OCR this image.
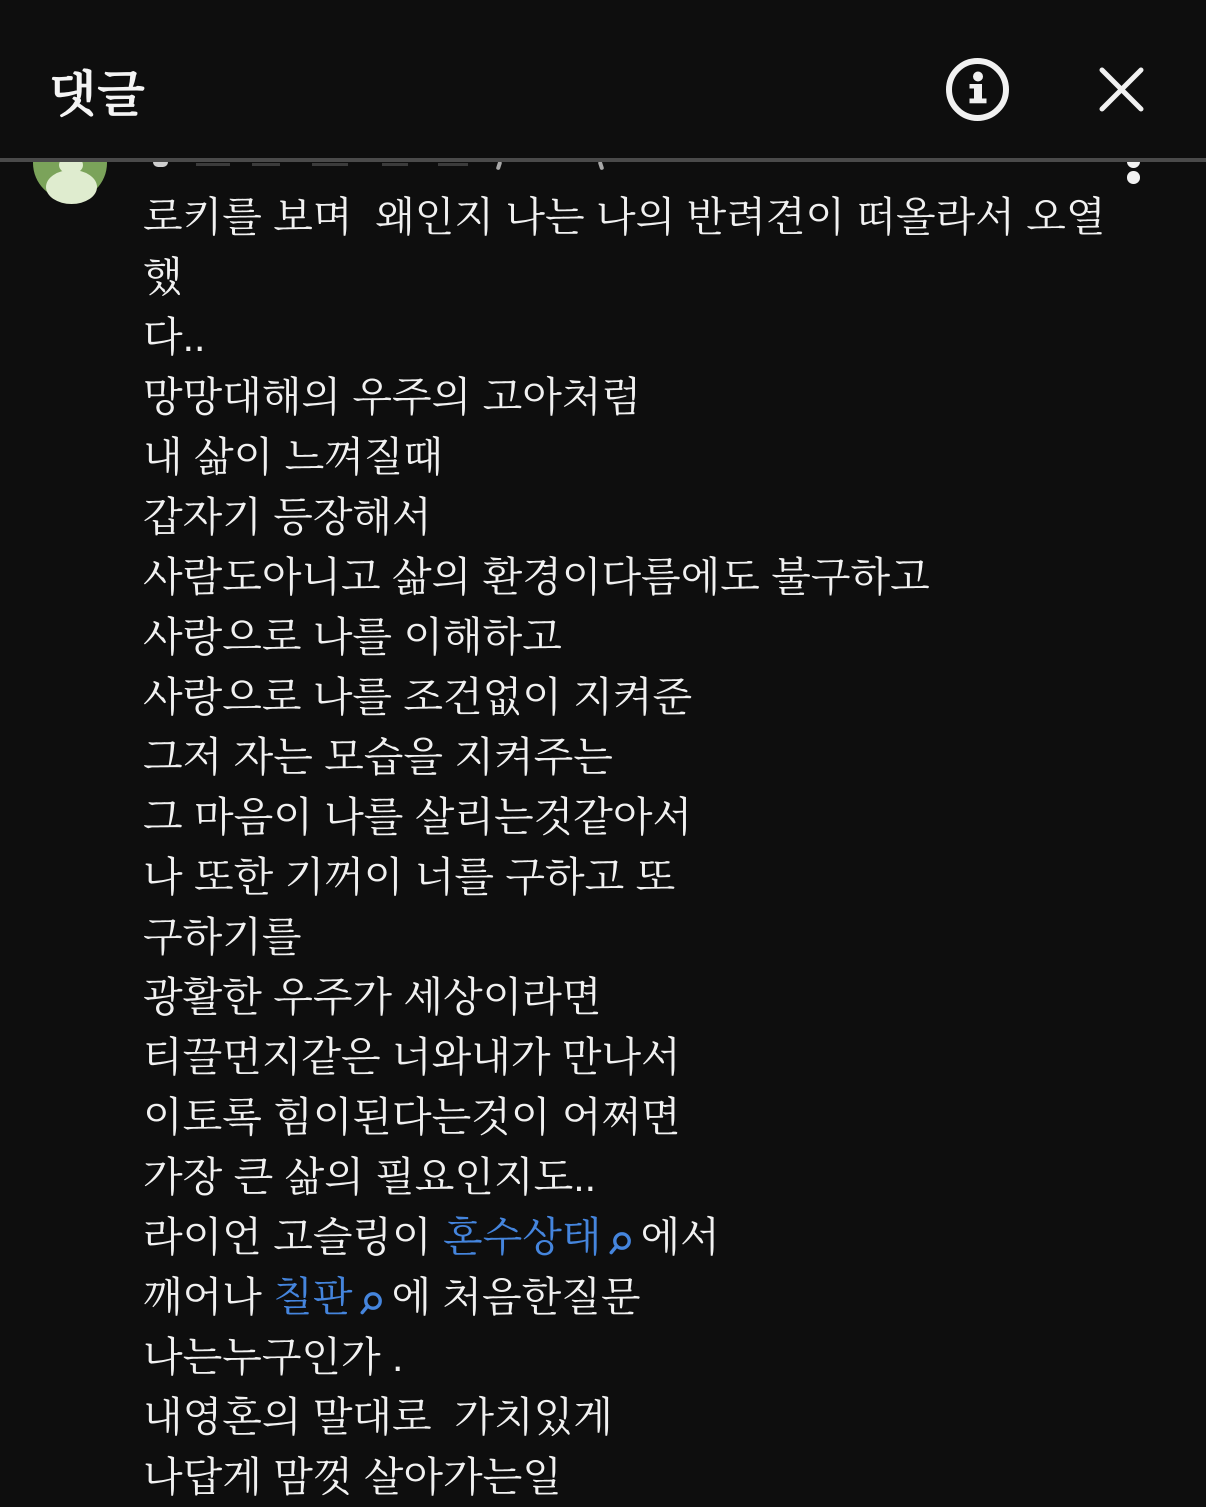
로키를 보며  왜인지 나는 나의 반려견이 떠올라서 오열했
다..
망망대해의 우주의 고아처럼
내 삶이 느껴질때
갑자기 등장해서
사람도아니고 삶의 환경이다름에도 불구하고
사랑으로 나를 이해하고
사랑으로 나를 조건없이 지켜준
그저 자는 모습을 지켜주는
그 마음이 나를 살리는것같아서
나 또한 기꺼이 너를 구하고 또
구하기를
광활한 우주가 세상이라면
티끌먼지같은 너와내가 만나서
이토록 힘이된다는것이 어쩌면
가장 큰 삶의 필요인지도..
라이언 고슬링이 혼수상태 에서
깨어나 칠판 에 처음한질문
나는누구인가 .
내영혼의 말대로  가치있게
나답게 맘껏 살아가는일
댓글
